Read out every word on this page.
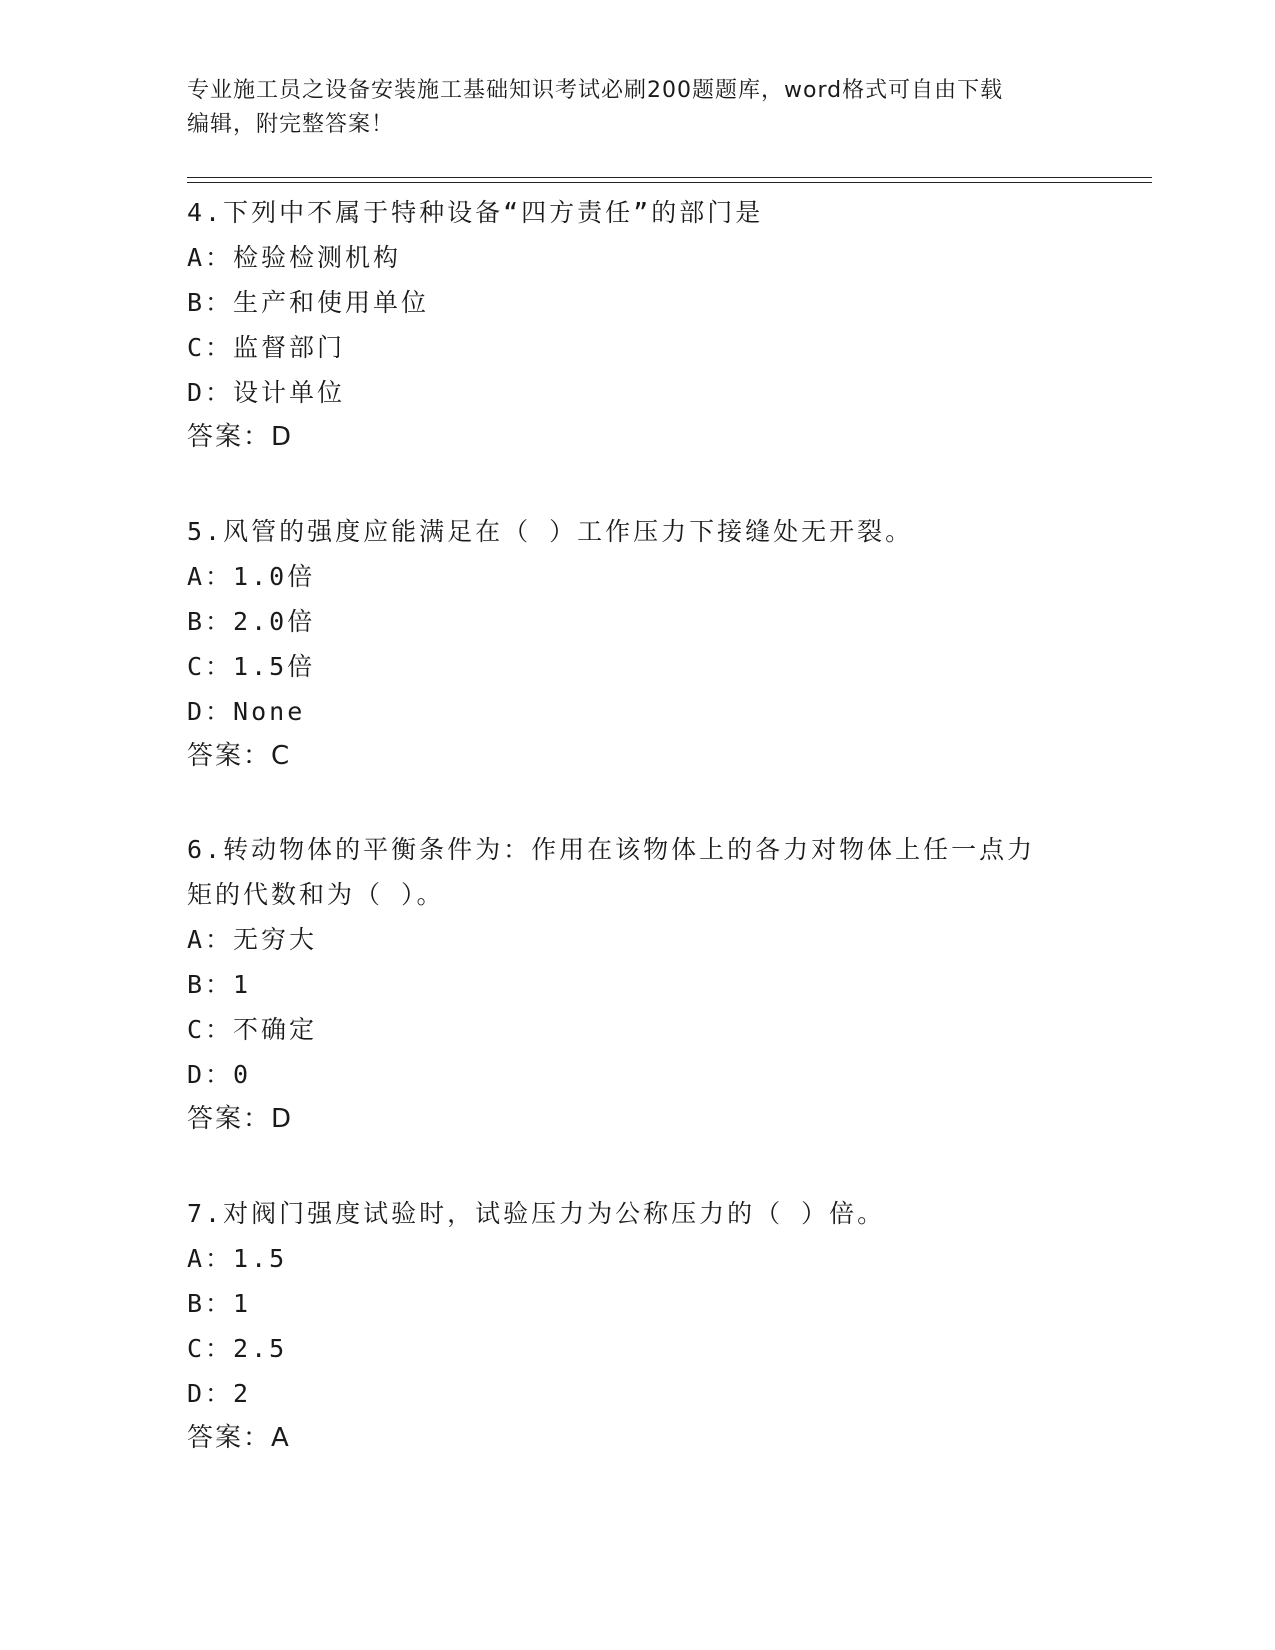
专业施工员之设备安装施工基础知识考试必刷200题题库，word格式可自由下载
编辑，附完整答案！
4.下列中不属于特种设备“四方责任”的部门是
A：检验检测机构
B：生产和使用单位
C：监督部门
D：设计单位
答案：D
5.风管的强度应能满足在（ ）工作压力下接缝处无开裂。
A：1.0倍
B：2.0倍
C：1.5倍
D：None
答案：C
6.转动物体的平衡条件为：作用在该物体上的各力对物体上任一点力矩的代数和为（ ）。
A：无穷大
B：1
C：不确定
D：0
答案：D
7.对阀门强度试验时，试验压力为公称压力的（ ）倍。
A：1.5
B：1
C：2.5
D：2
答案：A
